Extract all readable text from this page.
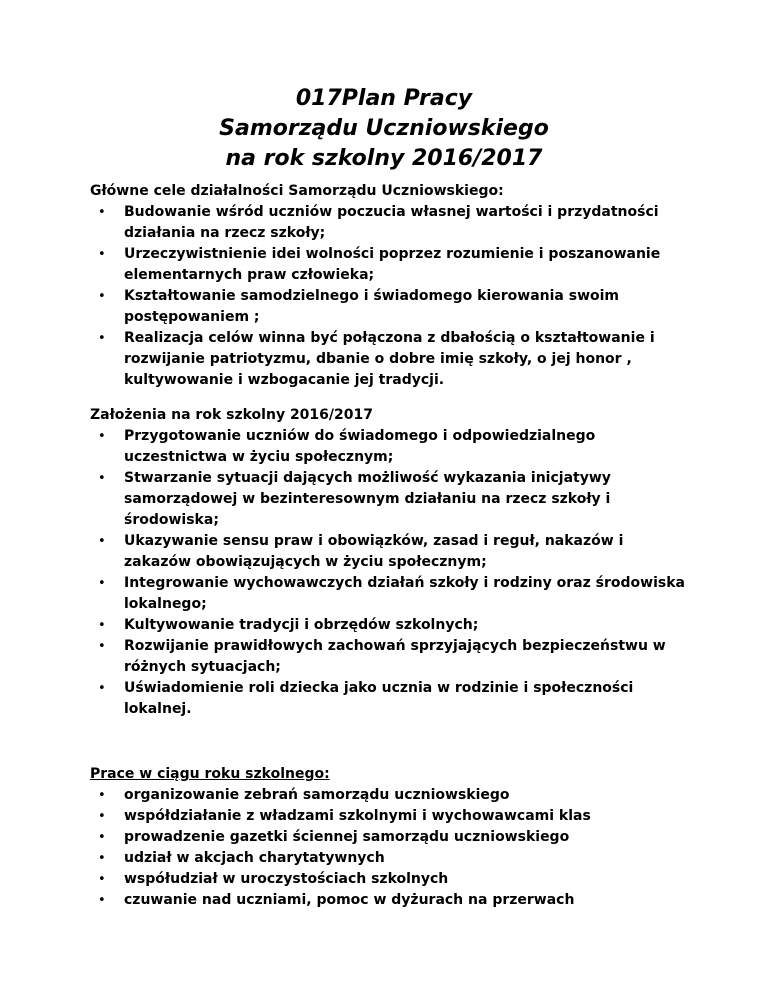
017Plan Pracy
Samorządu Uczniowskiego
na rok szkolny 2016/2017
Główne cele działalności Samorządu Uczniowskiego:
• Budowanie wśród uczniów poczucia własnej wartości i przydatności działania na rzecz szkoły;
• Urzeczywistnienie idei wolności poprzez rozumienie i poszanowanie elementarnych praw człowieka;
• Kształtowanie samodzielnego i świadomego kierowania swoim postępowaniem ;
• Realizacja celów winna być połączona z dbałością o kształtowanie i rozwijanie patriotyzmu, dbanie o dobre imię szkoły, o jej honor , kultywowanie i wzbogacanie jej tradycji.
Założenia na rok szkolny 2016/2017
• Przygotowanie uczniów do świadomego i odpowiedzialnego uczestnictwa w życiu społecznym;
• Stwarzanie sytuacji dających możliwość wykazania inicjatywy samorządowej w bezinteresownym działaniu na rzecz szkoły i środowiska;
• Ukazywanie sensu praw i obowiązków, zasad i reguł, nakazów i zakazów obowiązujących w życiu społecznym;
• Integrowanie wychowawczych działań szkoły i rodziny oraz środowiska lokalnego;
• Kultywowanie tradycji i obrzędów szkolnych;
• Rozwijanie prawidłowych zachowań sprzyjających bezpieczeństwu w różnych sytuacjach;
• Uświadomienie roli dziecka jako ucznia w rodzinie i społeczności lokalnej.
Prace w ciągu roku szkolnego:
• organizowanie zebrań samorządu uczniowskiego
• współdziałanie z władzami szkolnymi i wychowawcami klas
• prowadzenie gazetki ściennej samorządu uczniowskiego
• udział w akcjach charytatywnych
• współudział w uroczystościach szkolnych
• czuwanie nad uczniami, pomoc w dyżurach na przerwach
